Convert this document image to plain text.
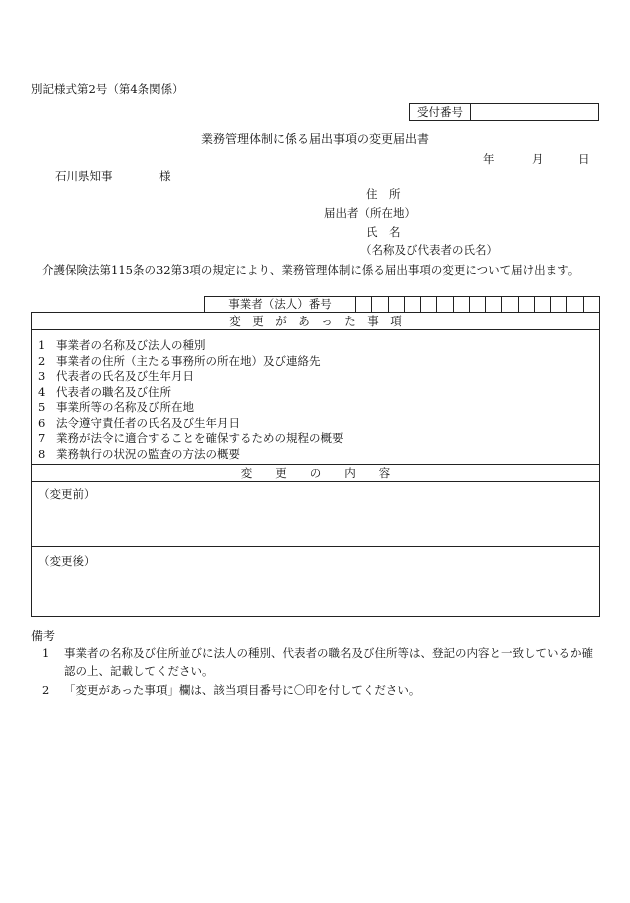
別記様式第2号（第4条関係）
受付番号
業務管理体制に係る届出事項の変更届出書
年	月	日
石川県知事	様
住　所
届出者（所在地）
氏　名
（名称及び代表者の氏名）
介護保険法第115条の32第3項の規定により、業務管理体制に係る届出事項の変更について届け出ます。
事業者（法人）番号
変　更　が　あ　っ　た　事　項
1 事業者の名称及び法人の種別
2 事業者の住所（主たる事務所の所在地）及び連絡先
3 代表者の氏名及び生年月日
4 代表者の職名及び住所
5 事業所等の名称及び所在地
6 法令遵守責任者の氏名及び生年月日
7 業務が法令に適合することを確保するための規程の概要
8 業務執行の状況の監査の方法の概要
変　　更　　の　　内　　容
（変更前）
（変更後）
備考
1 事業者の名称及び住所並びに法人の種別、代表者の職名及び住所等は、登記の内容と一致しているか確
認の上、記載してください。
2 「変更があった事項」欄は、該当項目番号に〇印を付してください。
